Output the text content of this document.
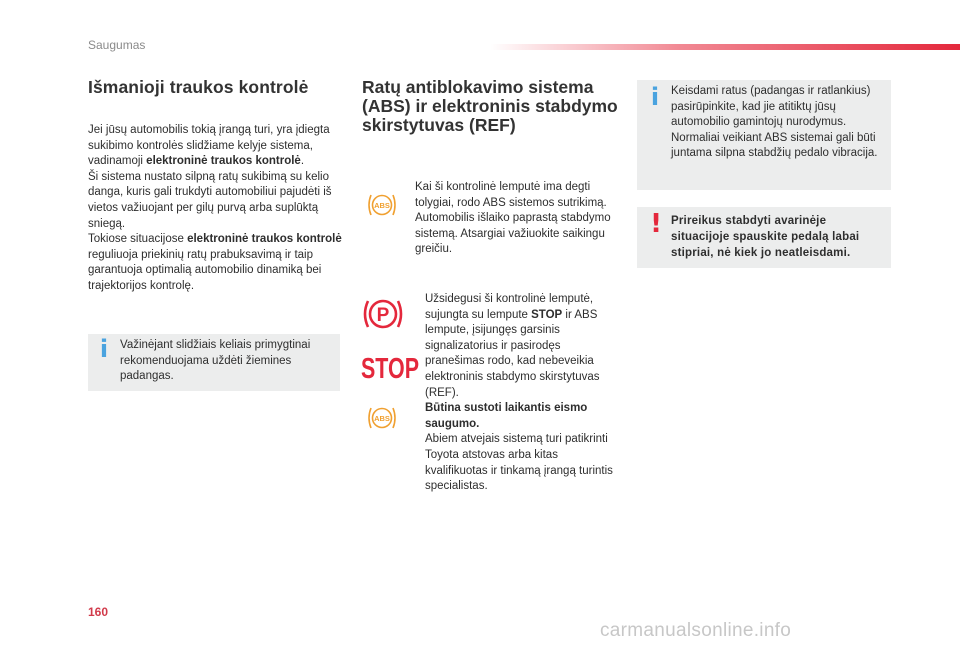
Saugumas
Išmanioji traukos kontrolė

Jei jūsų automobilis tokią įrangą turi, yra įdiegta sukibimo kontrolės slidžiame kelyje sistema, vadinamoji elektroninė traukos kontrolė.

Ši sistema nustato silpną ratų sukibimą su kelio danga, kuris gali trukdyti automobiliui pajudėti iš vietos važiuojant per gilų purvą arba suplūktą sniegą.

Tokiose situacijose elektroninė traukos kontrolė reguliuoja priekinių ratų prabuksavimą ir taip garantuoja optimalią automobilio dinamiką bei trajektorijos kontrolę.

i Važinėjant slidžiais keliais primygtinai rekomenduojama uždėti žiemines padangas.

Ratų antiblokavimo sistema (ABS) ir elektroninis stabdymo skirstytuvas (REF)
ABS

Kai ši kontrolinė lemputė ima degti tolygiai, rodo ABS sistemos sutrikimą.

Automobilis išlaiko paprastą stabdymo sistemą. Atsargiai važiuokite saikingu greičiu.

P
STOP
ABS

Užsidegusi ši kontrolinė lemputė, sujungta su lempute STOP ir ABS lempute, įsijungęs garsinis signalizatorius ir pasirodęs pranešimas rodo, kad nebeveikia elektroninis stabdymo skirstytuvas (REF).

Būtina sustoti laikantis eismo saugumo.

Abiem atvejais sistemą turi patikrinti Toyota atstovas arba kitas kvalifikuotas ir tinkamą įrangą turintis specialistas.

i Keisdami ratus (padangas ir ratlankius) pasirūpinkite, kad jie atitiktų jūsų automobilio gamintojų nurodymus. Normaliai veikiant ABS sistemai gali būti juntama silpna stabdžių pedalo vibracija.

! Prireikus stabdyti avarinėje situacijoje spauskite pedalą labai stipriai, nė kiek jo neatleisdami.

160
carmanualsonline.info
